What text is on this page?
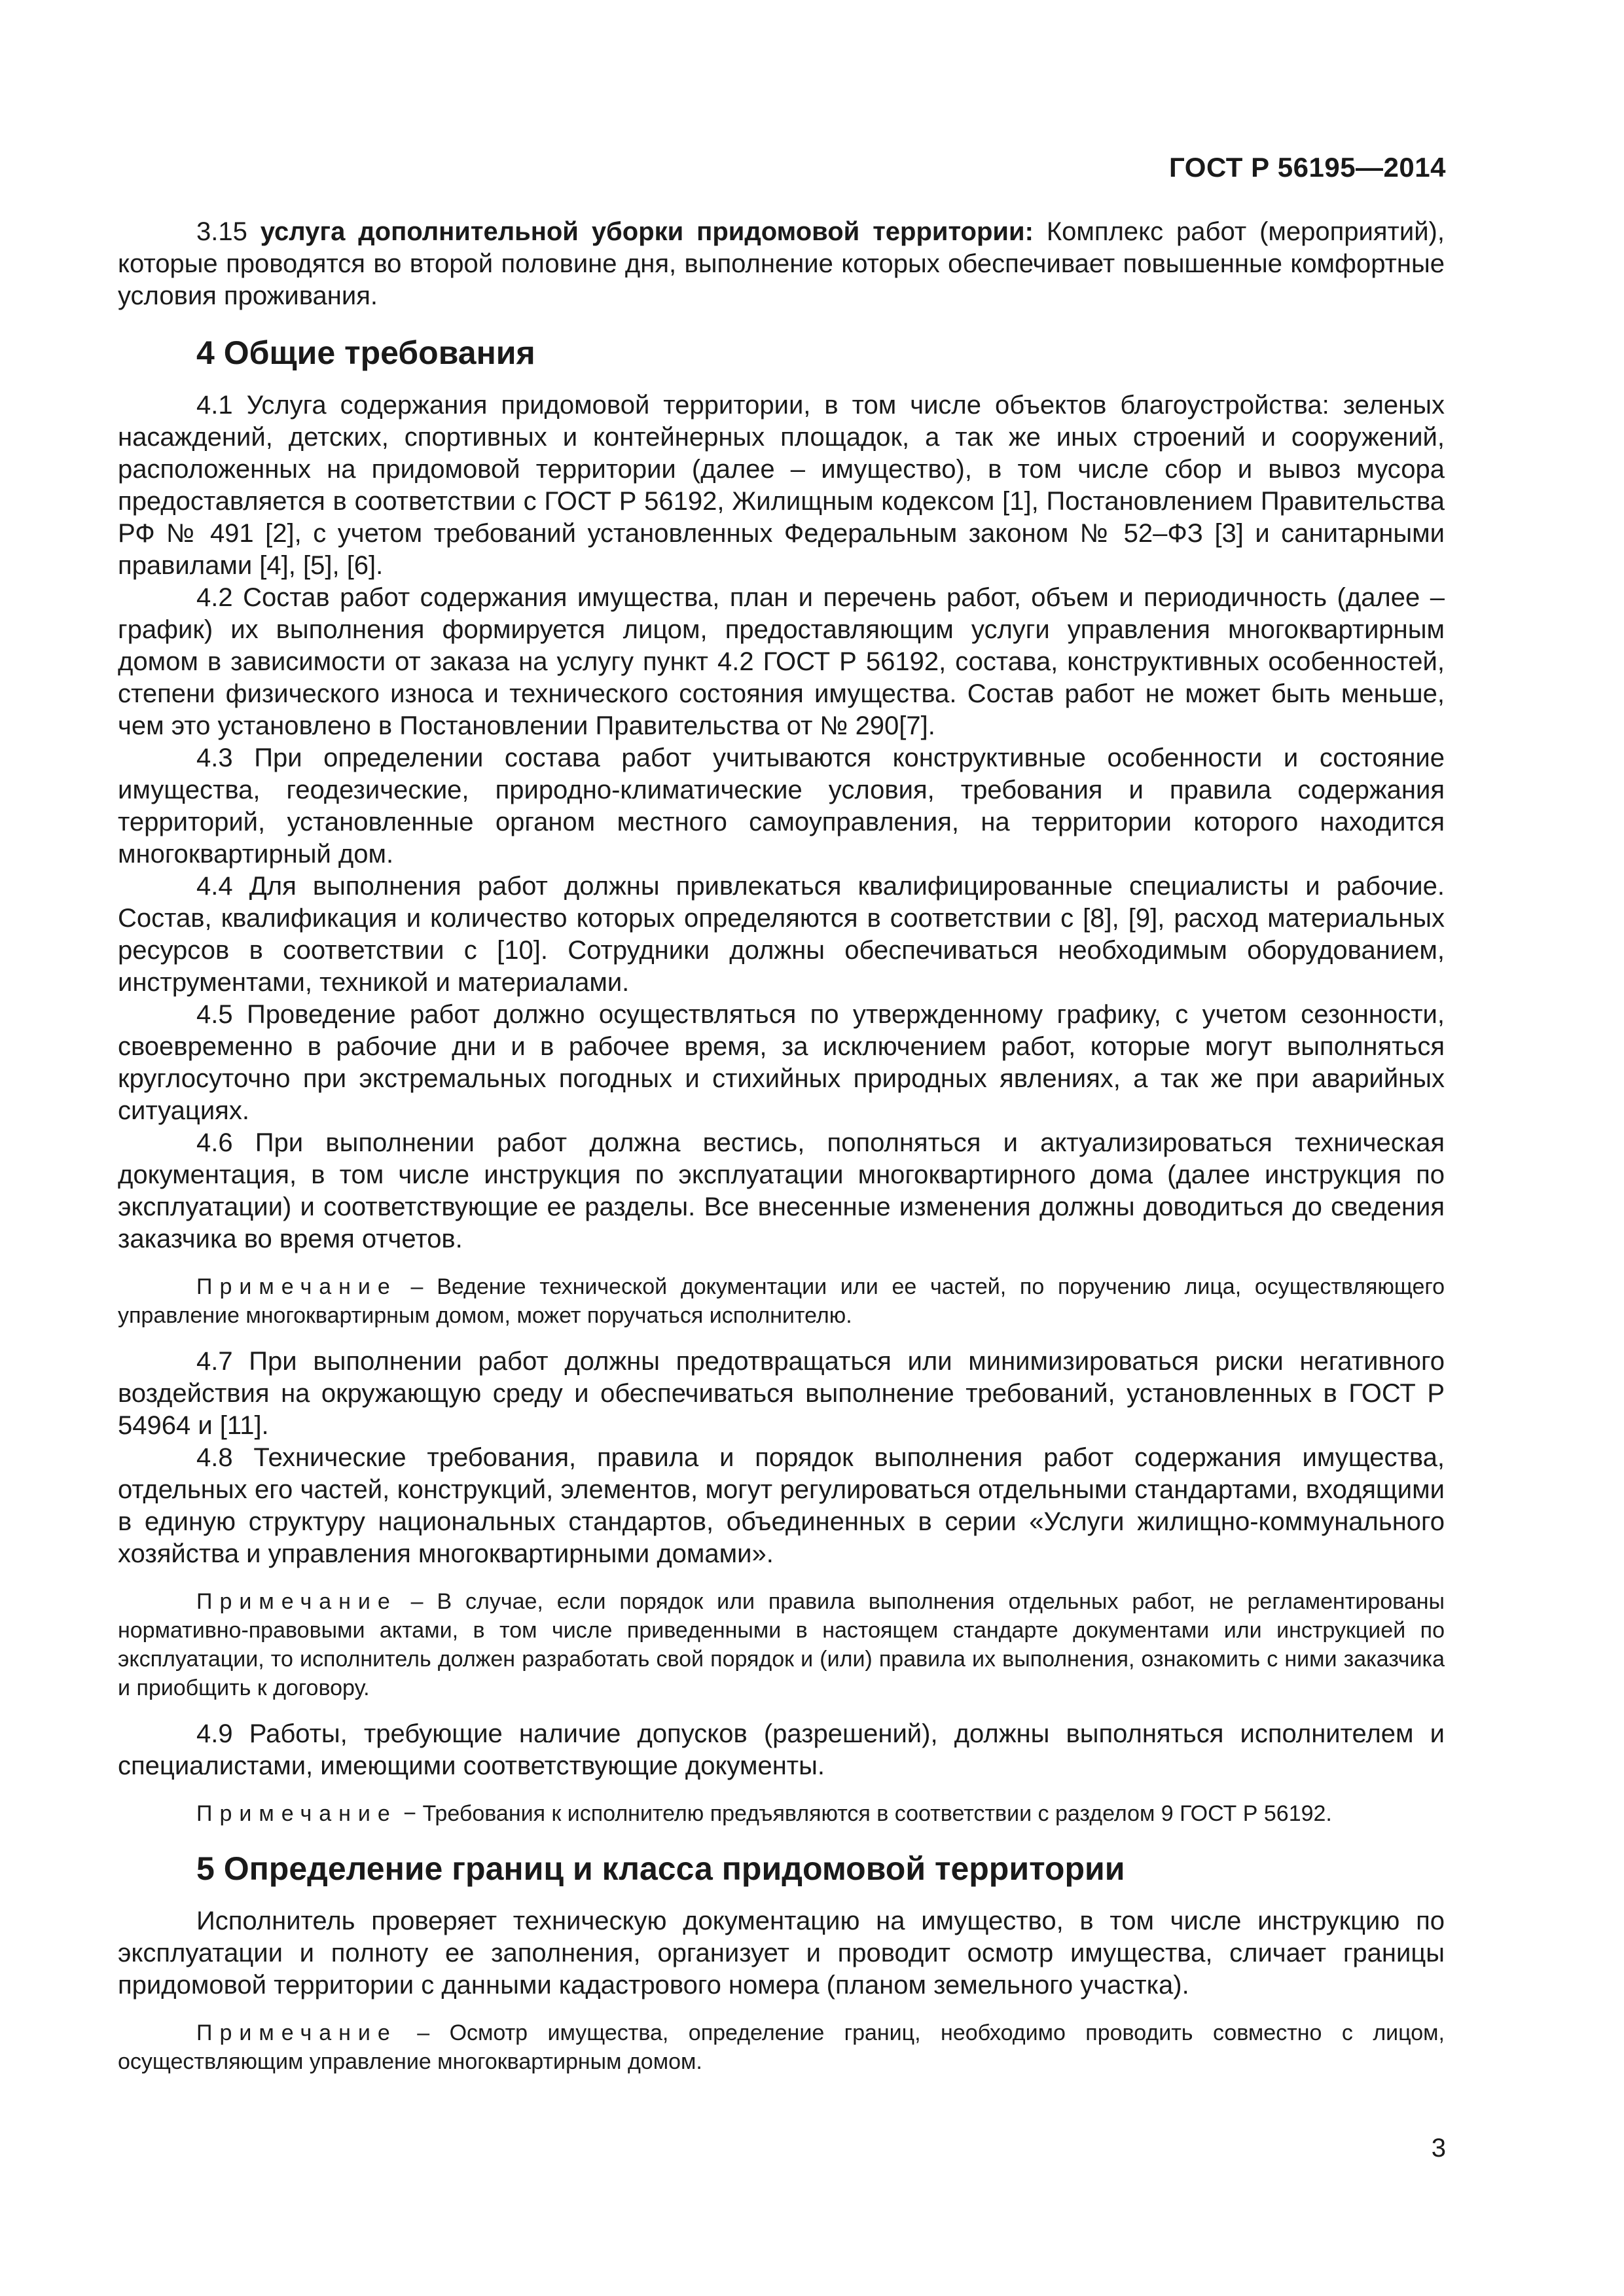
ГОСТ Р 56195—2014

3.15 услуга дополнительной уборки придомовой территории: Комплекс работ (мероприятий), которые проводятся во второй половине дня, выполнение которых обеспечивает повышенные комфортные условия проживания.

4 Общие требования

4.1 Услуга содержания придомовой территории, в том числе объектов благоустройства: зеленых насаждений, детских, спортивных и контейнерных площадок, а так же иных строений и сооружений, расположенных на придомовой территории (далее – имущество), в том числе сбор и вывоз мусора предоставляется в соответствии с ГОСТ Р 56192, Жилищным кодексом [1], Постановлением Правительства РФ № 491 [2], с учетом требований установленных Федеральным законом № 52–ФЗ [3] и санитарными правилами [4], [5], [6].

4.2 Состав работ содержания имущества, план и перечень работ, объем и периодичность (далее – график) их выполнения формируется лицом, предоставляющим услуги управления многоквартирным домом в зависимости от заказа на услугу пункт 4.2 ГОСТ Р 56192, состава, конструктивных особенностей, степени физического износа и технического состояния имущества. Состав работ не может быть меньше, чем это установлено в Постановлении Правительства от № 290[7].

4.3 При определении состава работ учитываются конструктивные особенности и состояние имущества, геодезические, природно-климатические условия, требования и правила содержания территорий, установленные органом местного самоуправления, на территории которого находится многоквартирный дом.

4.4 Для выполнения работ должны привлекаться квалифицированные специалисты и рабочие. Состав, квалификация и количество которых определяются в соответствии с [8], [9], расход материальных ресурсов в соответствии с [10]. Сотрудники должны обеспечиваться необходимым оборудованием, инструментами, техникой и материалами.

4.5 Проведение работ должно осуществляться по утвержденному графику, с учетом сезонности, своевременно в рабочие дни и в рабочее время, за исключением работ, которые могут выполняться круглосуточно при экстремальных погодных и стихийных природных явлениях, а так же при аварийных ситуациях.

4.6 При выполнении работ должна вестись, пополняться и актуализироваться техническая документация, в том числе инструкция по эксплуатации многоквартирного дома (далее инструкция по эксплуатации) и соответствующие ее разделы. Все внесенные изменения должны доводиться до сведения заказчика во время отчетов.

Примечание – Ведение технической документации или ее частей, по поручению лица, осуществляющего управление многоквартирным домом, может поручаться исполнителю.

4.7 При выполнении работ должны предотвращаться или минимизироваться риски негативного воздействия на окружающую среду и обеспечиваться выполнение требований, установленных в ГОСТ Р 54964 и [11].

4.8 Технические требования, правила и порядок выполнения работ содержания имущества, отдельных его частей, конструкций, элементов, могут регулироваться отдельными стандартами, входящими в единую структуру национальных стандартов, объединенных в серии «Услуги жилищно-коммунального хозяйства и управления многоквартирными домами».

Примечание – В случае, если порядок или правила выполнения отдельных работ, не регламентированы нормативно-правовыми актами, в том числе приведенными в настоящем стандарте документами или инструкцией по эксплуатации, то исполнитель должен разработать свой порядок и (или) правила их выполнения, ознакомить с ними заказчика и приобщить к договору.

4.9 Работы, требующие наличие допусков (разрешений), должны выполняться исполнителем и специалистами, имеющими соответствующие документы.

Примечание − Требования к исполнителю предъявляются в соответствии с разделом 9 ГОСТ Р 56192.

5 Определение границ и класса придомовой территории

Исполнитель проверяет техническую документацию на имущество, в том числе инструкцию по эксплуатации и полноту ее заполнения, организует и проводит осмотр имущества, сличает границы придомовой территории с данными кадастрового номера (планом земельного участка).

Примечание – Осмотр имущества, определение границ, необходимо проводить совместно с лицом, осуществляющим управление многоквартирным домом.

3
